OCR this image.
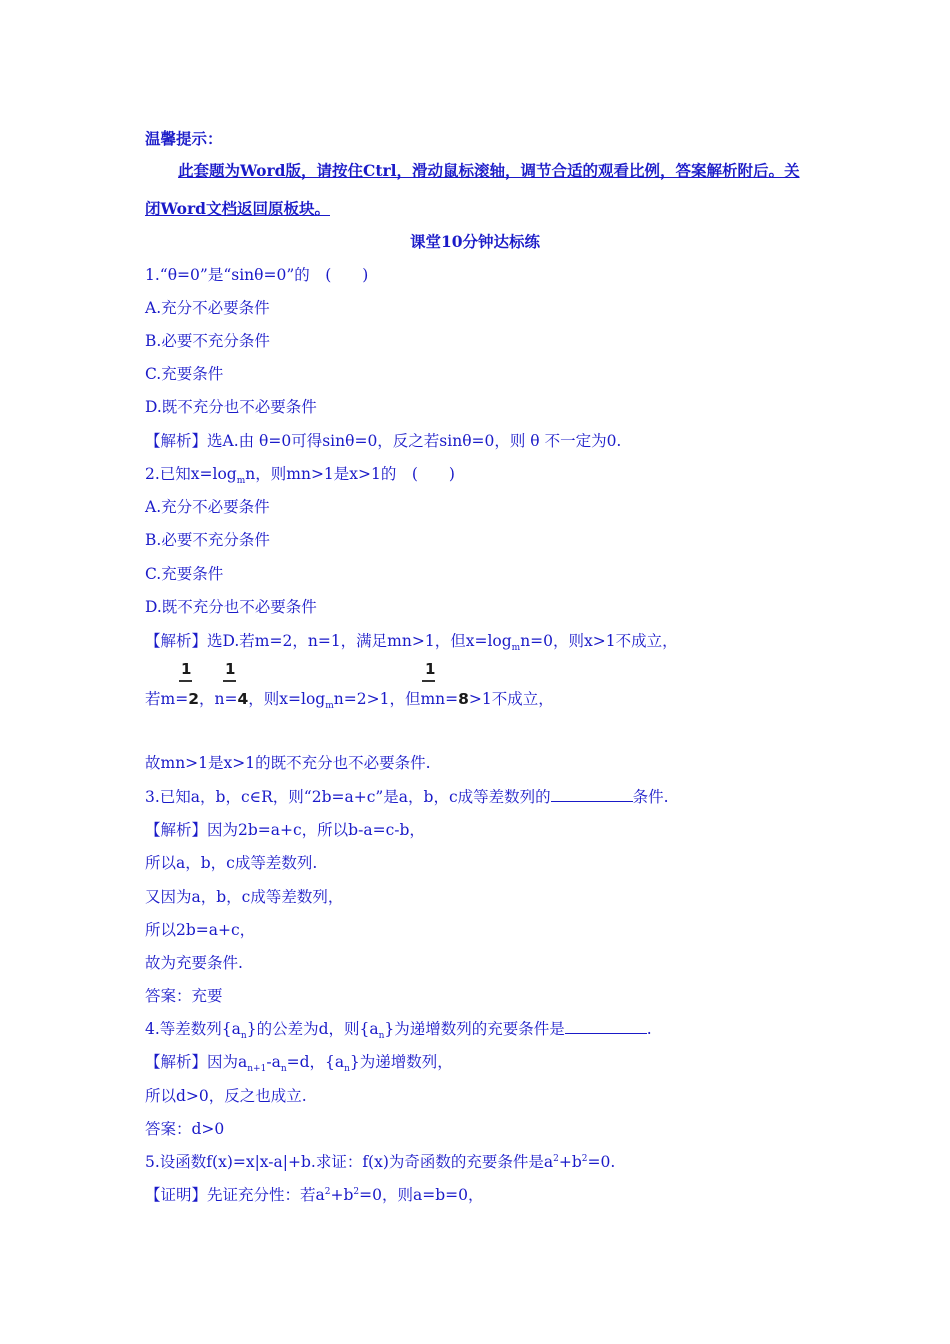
温馨提示：
此套题为Word版，请按住Ctrl，滑动鼠标滚轴，调节合适的观看比例，答案解析附后。关
闭Word文档返回原板块。
课堂10分钟达标练
1.“θ=0”是“sinθ=0”的　(　　)
A.充分不必要条件
B.必要不充分条件
C.充要条件
D.既不充分也不必要条件
【解析】选A.由 θ=0可得sinθ=0，反之若sinθ=0，则 θ 不一定为0.
2.已知$x=\log_mn$，则mn>1是x>1的　(　　)
A.充分不必要条件
B.必要不充分条件
C.充要条件
D.既不充分也不必要条件
【解析】选D.若m=2，n=1，满足mn>1，但$x=\log_mn=0$，则x>1不成立，
1 1	1
若m=2，n=4，则$x=\log_mn=2>1$，但mn=8>1不成立，
故mn>1是x>1的既不充分也不必要条件.
3.已知a，b，c∈R，则“2b=a+c”是a，b，c成等差数列的	条件.
【解析】因为2b=a+c，所以b-a=c-b，
所以a，b，c成等差数列.
又因为a，b，c成等差数列，
所以2b=a+c，
故为充要条件.
答案：充要
4.等差数列$\{a_n\}$的公差为d，则$\{a_n\}$为递增数列的充要条件是	.
【解析】因为$a_{n+1}-a_n=d$，$\{a_n\}$为递增数列，
所以d>0，反之也成立.
答案：d>0
5.设函数f(x)=x|x-a|+b.求证：f(x)为奇函数的充要条件是$a^2+b^2=0$.
【证明】先证充分性：若$a^2+b^2=0$，则a=b=0，
